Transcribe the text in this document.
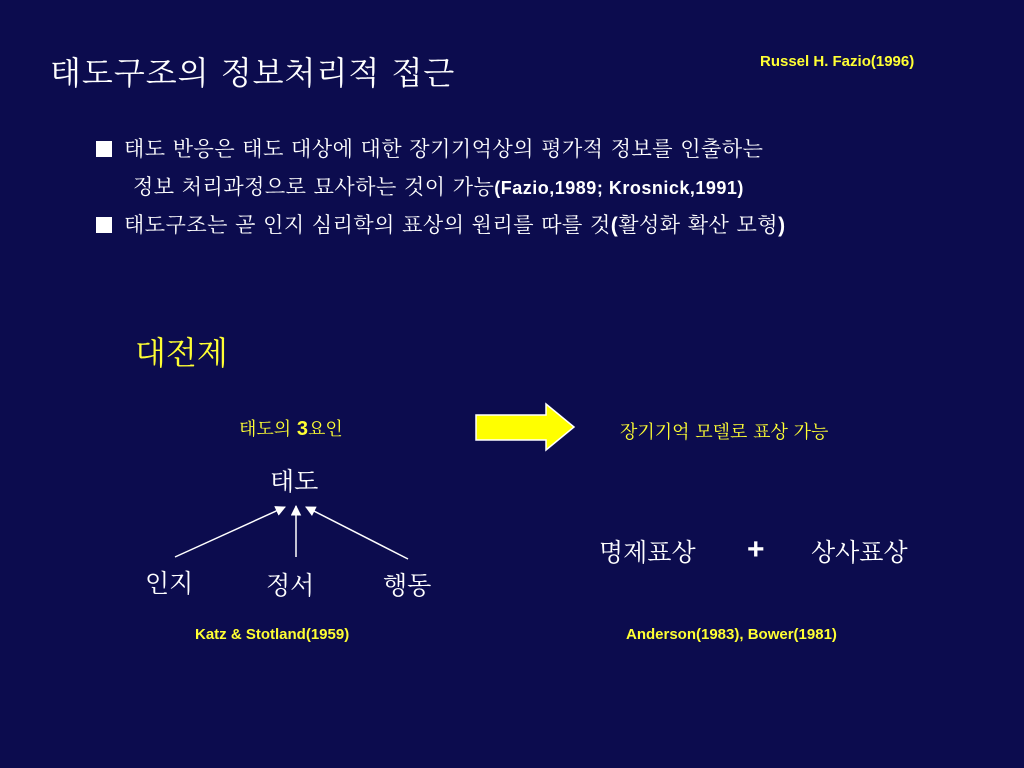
태도구조의 정보처리적 접근	Russel H. Fazio(1996)
태도 반응은 태도 대상에 대한 장기기억상의 평가적 정보를 인출하는
정보 처리과정으로 묘사하는 것이 가능(Fazio,1989; Krosnick,1991)
태도구조는 곧 인지 심리학의 표상의 원리를 따를 것(활성화 확산 모형)
대전제
태도의 3요인	장기기억 모델로 표상 가능
태도
인지	정서	행동
명제표상 + 상사표상
Katz & Stotland(1959)	Anderson(1983), Bower(1981)
